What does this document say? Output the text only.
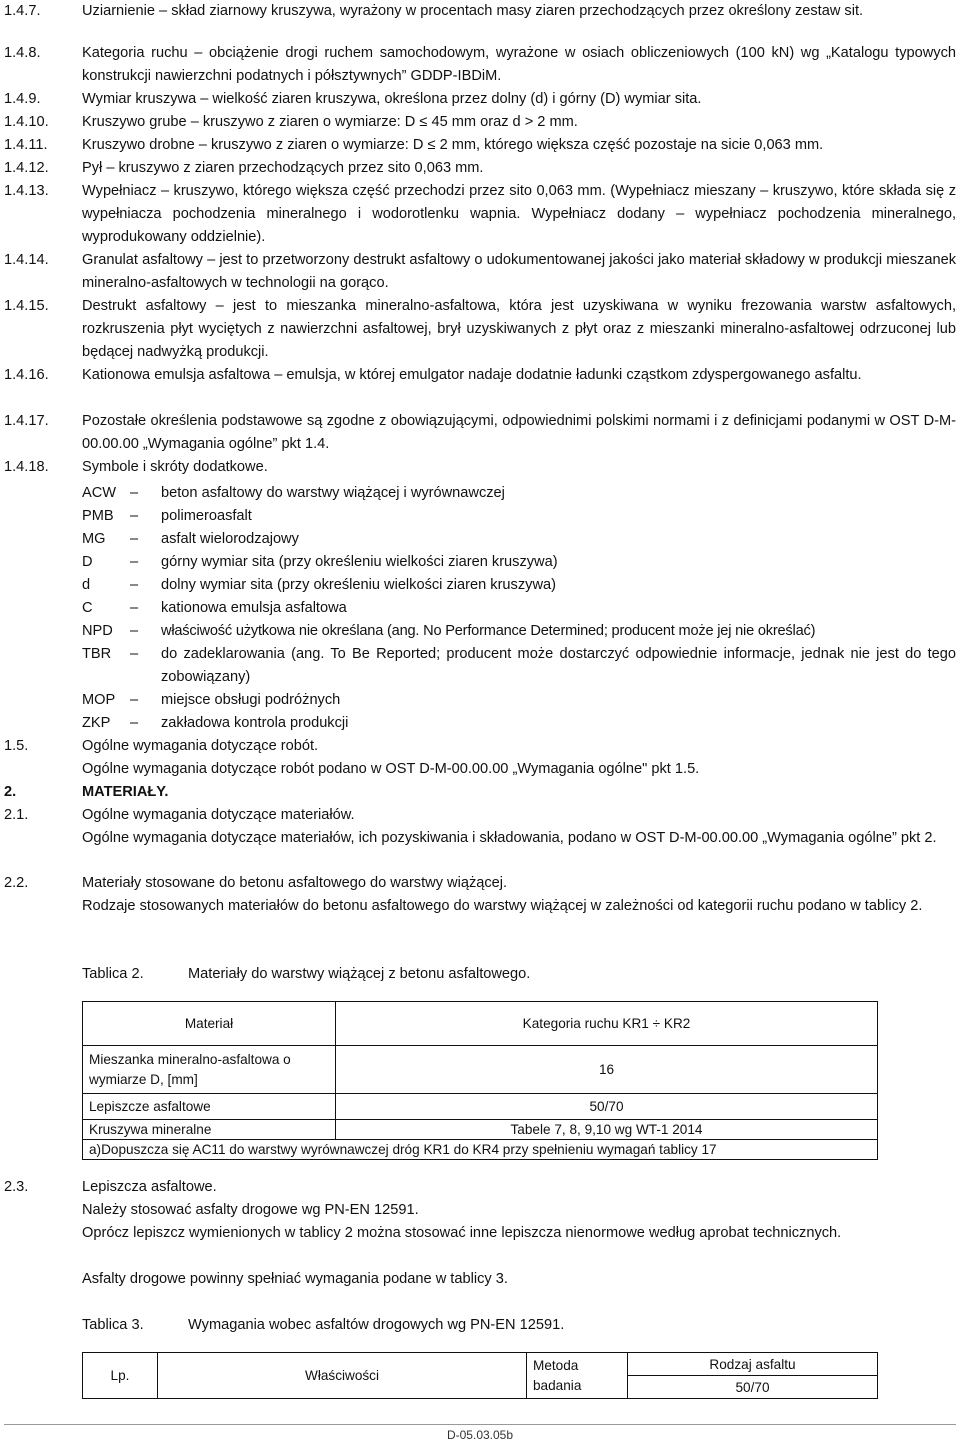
1.4.7.	Uziarnienie – skład ziarnowy kruszywa, wyrażony w procentach masy ziaren przechodzących przez określony zestaw sit.
1.4.8.	Kategoria ruchu – obciążenie drogi ruchem samochodowym, wyrażone w osiach obliczeniowych (100 kN) wg „Katalogu typowych konstrukcji nawierzchni podatnych i półsztywnych” GDDP-IBDiM.
1.4.9.	Wymiar kruszywa – wielkość ziaren kruszywa, określona przez dolny (d) i górny (D) wymiar sita.
1.4.10. Kruszywo grube – kruszywo z ziaren o wymiarze: D ≤ 45 mm oraz d > 2 mm.
1.4.11. Kruszywo drobne – kruszywo z ziaren o wymiarze: D ≤ 2 mm, którego większa część pozostaje na sicie 0,063 mm.
1.4.12. Pył – kruszywo z ziaren przechodzących przez sito 0,063 mm.
1.4.13. Wypełniacz – kruszywo, którego większa część przechodzi przez sito 0,063 mm. (Wypełniacz mieszany – kruszywo, które składa się z wypełniacza pochodzenia mineralnego i wodorotlenku wapnia. Wypełniacz dodany – wypełniacz pochodzenia mineralnego, wyprodukowany oddzielnie).
1.4.14. Granulat asfaltowy – jest to przetworzony destrukt asfaltowy o udokumentowanej jakości jako materiał składowy w produkcji mieszanek mineralno-asfaltowych w technologii na gorąco.
1.4.15. Destrukt asfaltowy – jest to mieszanka mineralno-asfaltowa, która jest uzyskiwana w wyniku frezowania warstw asfaltowych, rozkruszenia płyt wyciętych z nawierzchni asfaltowej, brył uzyskiwanych z płyt oraz z mieszanki mineralno-asfaltowej odrzuconej lub będącej nadwyżką produkcji.
1.4.16. Kationowa emulsja asfaltowa – emulsja, w której emulgator nadaje dodatnie ładunki cząstkom zdyspergowanego asfaltu.
1.4.17. Pozostałe określenia podstawowe są zgodne z obowiązującymi, odpowiednimi polskimi normami i z definicjami podanymi w OST D-M-00.00.00 „Wymagania ogólne” pkt 1.4.
1.4.18. Symbole i skróty dodatkowe.
ACW – beton asfaltowy do warstwy wiążącej i wyrównawczej
PMB – polimeroasfalt
MG – asfalt wielorodzajowy
D	– górny wymiar sita (przy określeniu wielkości ziaren kruszywa)
d	– dolny wymiar sita (przy określeniu wielkości ziaren kruszywa)
C	– kationowa emulsja asfaltowa
NPD – właściwość użytkowa nie określana (ang. No Performance Determined; producent może jej nie określać)
TBR – do zadeklarowania (ang. To Be Reported; producent może dostarczyć odpowiednie informacje, jednak nie jest do tego zobowiązany)
MOP – miejsce obsługi podróżnych
ZKP – zakładowa kontrola produkcji
1.5.	Ogólne wymagania dotyczące robót.
Ogólne wymagania dotyczące robót podano w OST D-M-00.00.00 „Wymagania ogólne" pkt 1.5.
2.	MATERIAŁY.
2.1.	Ogólne wymagania dotyczące materiałów.
Ogólne wymagania dotyczące materiałów, ich pozyskiwania i składowania, podano w OST D-M-00.00.00 „Wymagania ogólne” pkt 2.
2.2.	Materiały stosowane do betonu asfaltowego do warstwy wiążącej.
Rodzaje stosowanych materiałów do betonu asfaltowego do warstwy wiążącej w zależności od kategorii ruchu podano w tablicy 2.
Tablica 2.	Materiały do warstwy wiążącej z betonu asfaltowego.
Materiał	Kategoria ruchu KR1 ÷ KR2
Mieszanka mineralno-asfaltowa o wymiarze D, [mm]	16
Lepiszcze asfaltowe	50/70
Kruszywa mineralne	Tabele 7, 8, 9,10 wg WT-1 2014
a)Dopuszcza się AC11 do warstwy wyrównawczej dróg KR1 do KR4 przy spełnieniu wymagań tablicy 17	
2.3.	Lepiszcza asfaltowe.
Należy stosować asfalty drogowe wg PN-EN 12591.
Oprócz lepiszcz wymienionych w tablicy 2 można stosować inne lepiszcza nienormowe według aprobat technicznych.
Asfalty drogowe powinny spełniać wymagania podane w tablicy 3.
Tablica 3.	Wymagania wobec asfaltów drogowych wg PN-EN 12591.
Lp.	Właściwości	Metoda badania	Rodzaj asfaltu
50/70
D-05.03.05b
